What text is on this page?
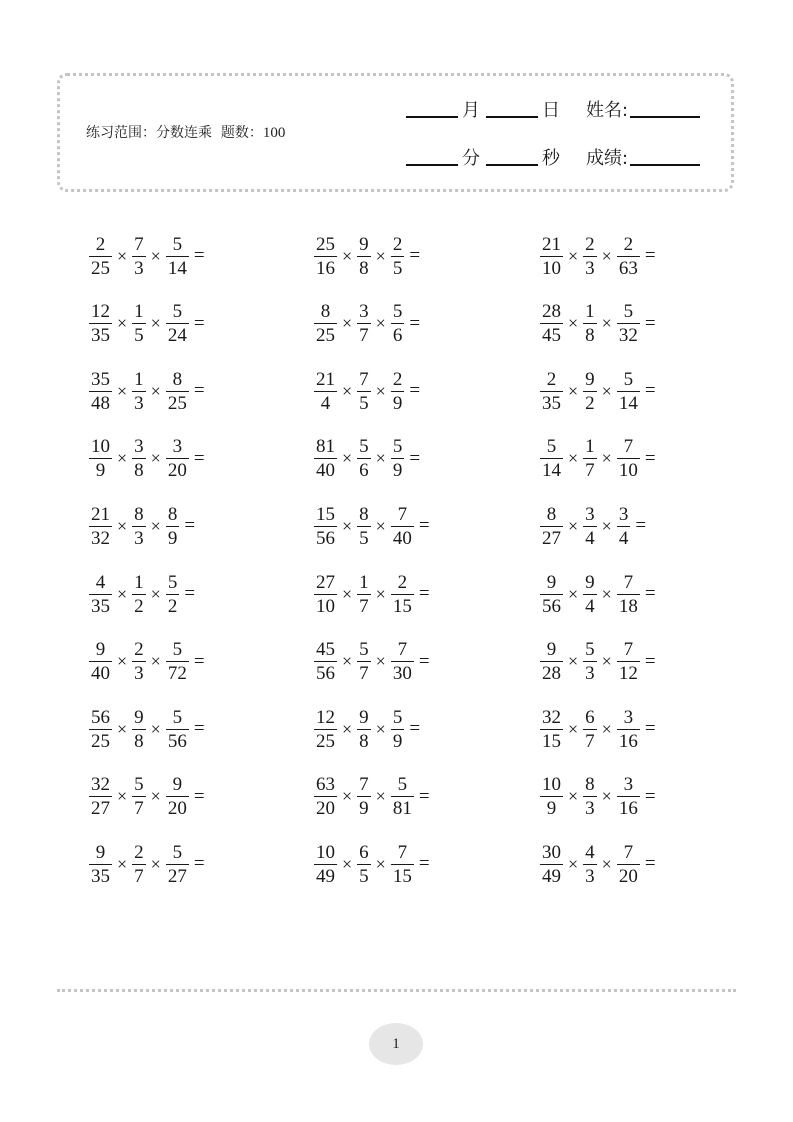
练习范围：分数连乘 题数：100
月	日 姓名:
分	秒 成绩:
$\frac{2}{25} \times \frac{7}{3} \times \frac{5}{14}$ =
$\frac{12}{35} \times \frac{1}{5} \times \frac{5}{24}$ =
$\frac{35}{48} \times \frac{1}{3} \times \frac{8}{25}$ =
$\frac{10}{9} \times \frac{3}{8} \times \frac{3}{20}$ =
$\frac{21}{32} \times \frac{8}{3} \times \frac{8}{9}$ =
$\frac{4}{35} \times \frac{1}{2} \times \frac{5}{2}$ =
$\frac{9}{40} \times \frac{2}{3} \times \frac{5}{72}$ =
$\frac{56}{25} \times \frac{9}{8} \times \frac{5}{56}$ =
$\frac{32}{27} \times \frac{5}{7} \times \frac{9}{20}$ =
$\frac{9}{35} \times \frac{2}{7} \times \frac{5}{27}$ =
$\frac{25}{16} \times \frac{9}{8} \times \frac{2}{5}$ =
$\frac{8}{25} \times \frac{3}{7} \times \frac{5}{6}$ =
$\frac{21}{4} \times \frac{7}{5} \times \frac{2}{9}$ =
$\frac{81}{40} \times \frac{5}{6} \times \frac{5}{9}$ =
$\frac{15}{56} \times \frac{8}{5} \times \frac{7}{40}$ =
$\frac{27}{10} \times \frac{1}{7} \times \frac{2}{15}$ =
$\frac{45}{56} \times \frac{5}{7} \times \frac{7}{30}$ =
$\frac{12}{25} \times \frac{9}{8} \times \frac{5}{9}$ =
$\frac{63}{20} \times \frac{7}{9} \times \frac{5}{81}$ =
$\frac{10}{49} \times \frac{6}{5} \times \frac{7}{15}$ =
$\frac{21}{10} \times \frac{2}{3} \times \frac{2}{63}$ =
$\frac{28}{45} \times \frac{1}{8} \times \frac{5}{32}$ =
$\frac{2}{35} \times \frac{9}{2} \times \frac{5}{14}$ =
$\frac{5}{14} \times \frac{1}{7} \times \frac{7}{10}$ =
$\frac{8}{27} \times \frac{3}{4} \times \frac{3}{4}$ =
$\frac{9}{56} \times \frac{9}{4} \times \frac{7}{18}$ =
$\frac{9}{28} \times \frac{5}{3} \times \frac{7}{12}$ =
$\frac{32}{15} \times \frac{6}{7} \times \frac{3}{16}$ =
$\frac{10}{9} \times \frac{8}{3} \times \frac{3}{16}$ =
$\frac{30}{49} \times \frac{4}{3} \times \frac{7}{20}$ =
1
